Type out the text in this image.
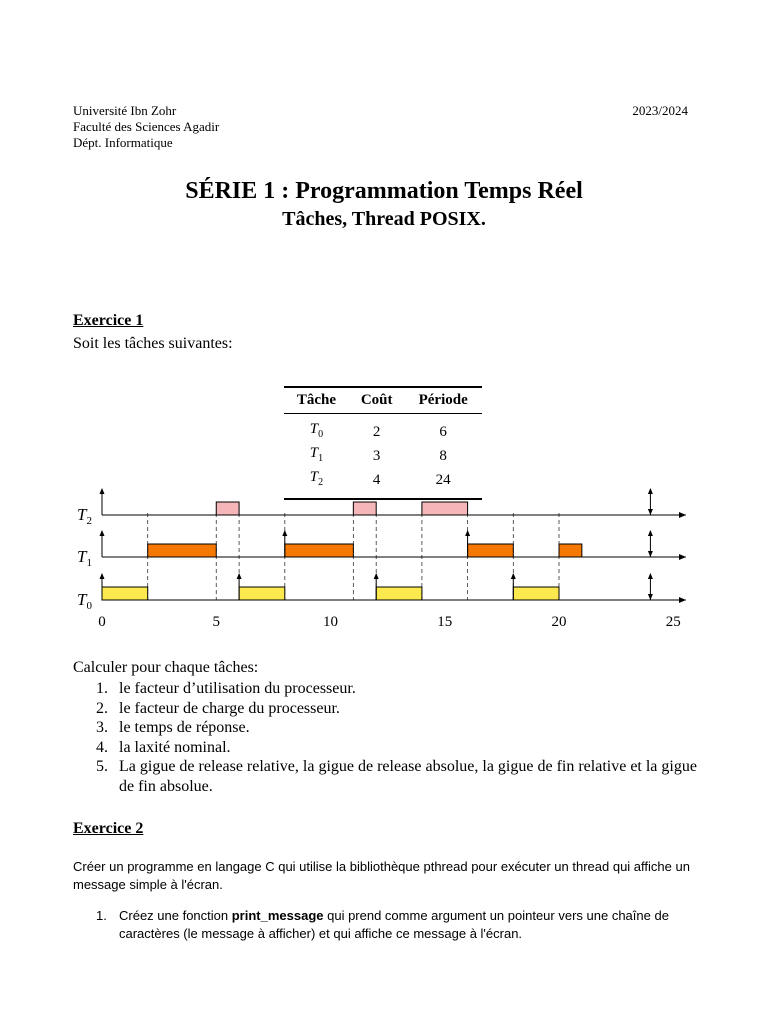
Université Ibn Zohr
Faculté des Sciences Agadir
Dépt. Informatique
2023/2024
SÉRIE 1 : Programmation Temps Réel
Tâches, Thread POSIX.
Exercice 1
Soit les tâches suivantes:
Tâche	Coût	Période
$T_0$	2	6
$T_1$	3	8
$T_2$	4	24
$T_0$
$T_1$
$T_2$
0	5	10	15	20	25
Calculer pour chaque tâches:
1. le facteur d’utilisation du processeur.
2. le facteur de charge du processeur.
3. le temps de réponse.
4. la laxité nominal.
5. La gigue de release relative, la gigue de release absolue, la gigue de fin relative et la gigue de fin absolue.
Exercice 2
Créer un programme en langage C qui utilise la bibliothèque pthread pour exécuter un thread qui affiche un message simple à l'écran.
1. Créez une fonction print_message qui prend comme argument un pointeur vers une chaîne de caractères (le message à afficher) et qui affiche ce message à l'écran.
